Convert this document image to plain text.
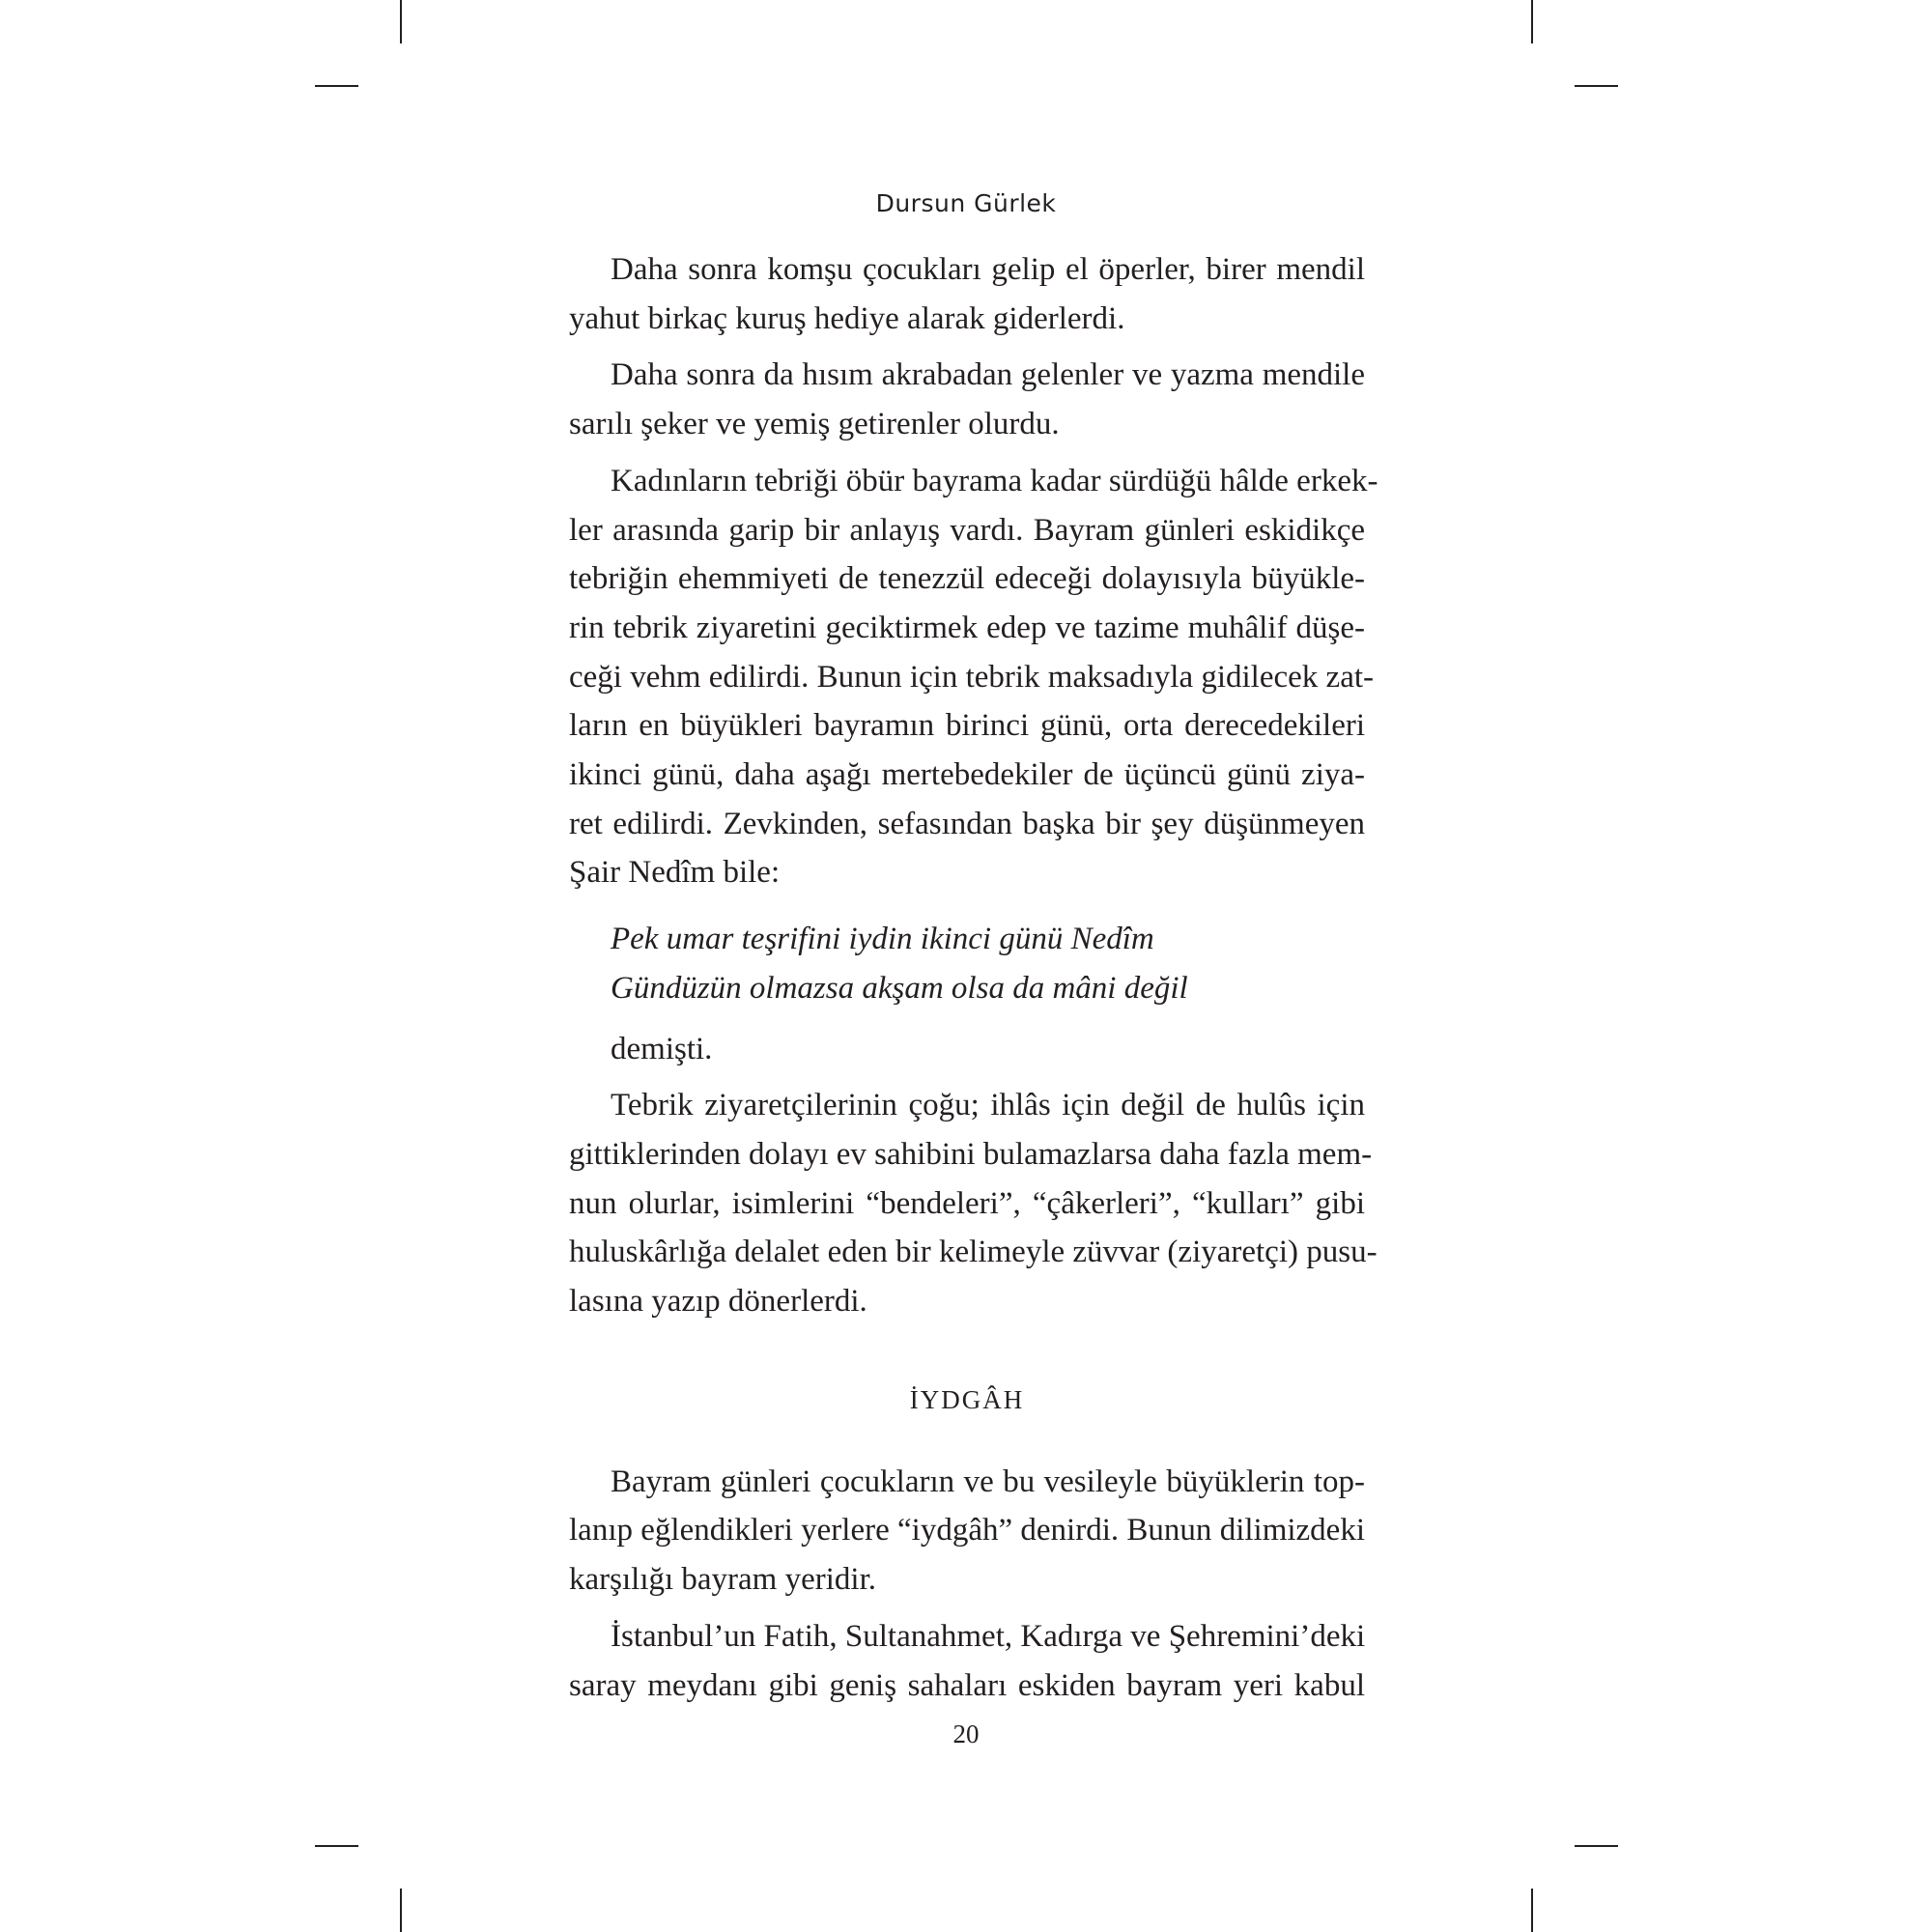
Dursun Gürlek

Daha sonra komşu çocukları gelip el öperler, birer mendil
yahut birkaç kuruş hediye alarak giderlerdi.

Daha sonra da hısım akrabadan gelenler ve yazma mendile
sarılı şeker ve yemiş getirenler olurdu.

Kadınların tebriği öbür bayrama kadar sürdüğü hâlde erkek-
ler arasında garip bir anlayış vardı. Bayram günleri eskidikçe
tebriğin ehemmiyeti de tenezzül edeceği dolayısıyla büyükle-
rin tebrik ziyaretini geciktirmek edep ve tazime muhâlif düşe-
ceği vehm edilirdi. Bunun için tebrik maksadıyla gidilecek zat-
ların en büyükleri bayramın birinci günü, orta derecedekileri
ikinci günü, daha aşağı mertebedekiler de üçüncü günü ziya-
ret edilirdi. Zevkinden, sefasından başka bir şey düşünmeyen
Şair Nedîm bile:

Pek umar teşrifini iydin ikinci günü Nedîm
Gündüzün olmazsa akşam olsa da mâni değil
demişti.

Tebrik ziyaretçilerinin çoğu; ihlâs için değil de hulûs için
gittiklerinden dolayı ev sahibini bulamazlarsa daha fazla mem-
nun olurlar, isimlerini “bendeleri”, “çâkerleri”, “kulları” gibi
huluskârlığa delalet eden bir kelimeyle züvvar (ziyaretçi) pusu-
lasına yazıp dönerlerdi.

İYDGÂH

Bayram günleri çocukların ve bu vesileyle büyüklerin top-
lanıp eğlendikleri yerlere “iydgâh” denirdi. Bunun dilimizdeki
karşılığı bayram yeridir.

İstanbul’un Fatih, Sultanahmet, Kadırga ve Şehremini’deki
saray meydanı gibi geniş sahaları eskiden bayram yeri kabul

20
